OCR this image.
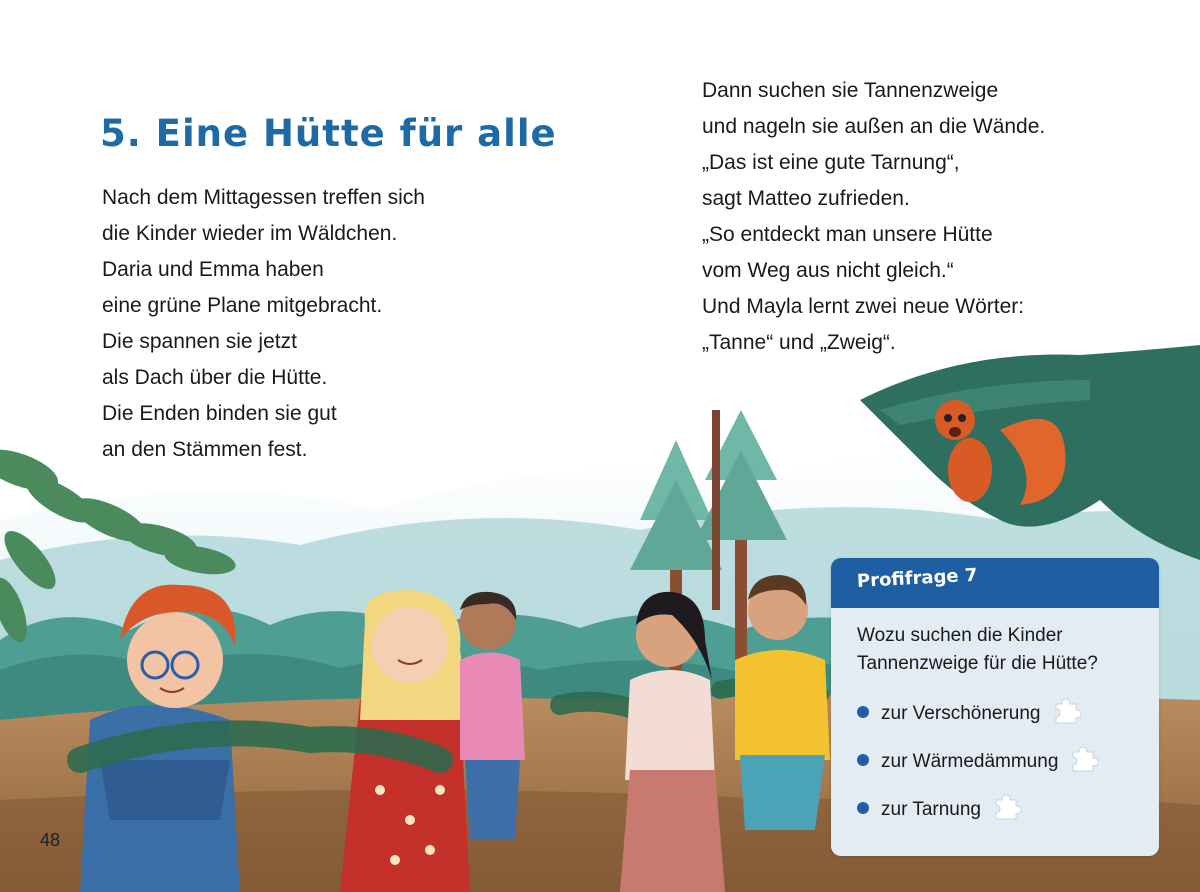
5. Eine Hütte für alle
Nach dem Mittagessen treffen sich
die Kinder wieder im Wäldchen.
Daria und Emma haben
eine grüne Plane mitgebracht.
Die spannen sie jetzt
als Dach über die Hütte.
Die Enden binden sie gut
an den Stämmen fest.
Dann suchen sie Tannenzweige
und nageln sie außen an die Wände.
„Das ist eine gute Tarnung“,
sagt Matteo zufrieden.
„So entdeckt man unsere Hütte
vom Weg aus nicht gleich.“
Und Mayla lernt zwei neue Wörter:
„Tanne“ und „Zweig“.
48
Profifrage 7

Wozu suchen die Kinder
Tannenzweige für die Hütte?

zur Verschönerung
zur Wärmedämmung
zur Tarnung
